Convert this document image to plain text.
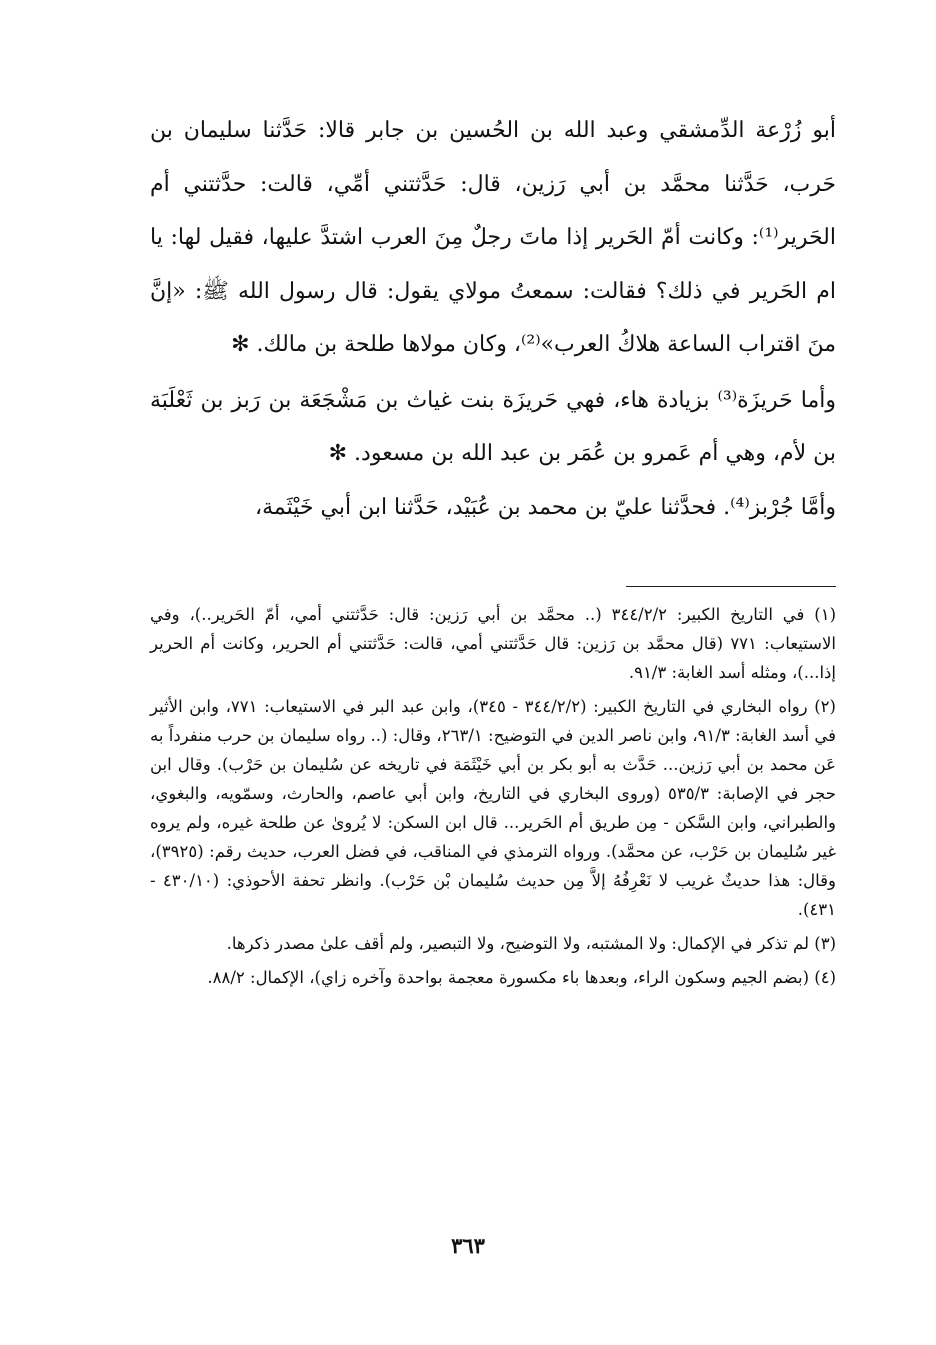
أبو زُرْعة الدِّمشقي وعبد الله بن الحُسين بن جابر قالا: حَدَّثنا سليمان بن حَرب، حَدَّثنا محمَّد بن أبي رَزين، قال: حَدَّثتني أمِّي، قالت: حدَّثتني أم الحَرير⁽¹⁾: وكانت أمّ الحَرير إذا ماتَ رجلٌ مِنَ العرب اشتدَّ عليها، فقيل لها: يا ام الحَرير في ذلك؟ فقالت: سمعتُ مولاي يقول: قال رسول الله ﷺ: «إنَّ منَ اقتراب الساعة هلاكُ العرب»⁽²⁾، وكان مولاها طلحة بن مالك. ✻

وأما حَريزَة⁽³⁾ بزيادة هاء، فهي حَريزَة بنت غياث بن مَشْجَعَة بن رَبز بن ثَعْلَبَة بن لأم، وهي أم عَمرو بن عُمَر بن عبد الله بن مسعود. ✻

وأمَّا جُرْبز⁽⁴⁾. فحدَّثنا عليّ بن محمد بن عُبَيْد، حَدَّثنا ابن أبي خَيْثَمة،

(١) في التاريخ الكبير: ٣٤٤/٢/٢ (.. محمَّد بن أبي رَزين: قال: حَدَّثتني أمي، أمّ الحَرير..)، وفي الاستيعاب: ٧٧١ (قال محمَّد بن رَزين: قال حَدَّثتني أمي، قالت: حَدَّثتني أم الحرير، وكانت أم الحرير إذا...)، ومثله أسد الغابة: ٩١/٣.

(٢) رواه البخاري في التاريخ الكبير: (٣٤٤/٢/٢ - ٣٤٥)، وابن عبد البر في الاستيعاب: ٧٧١، وابن الأثير في أسد الغابة: ٩١/٣، وابن ناصر الدين في التوضيح: ٢٦٣/١، وقال: (.. رواه سليمان بن حرب منفرداً به عَن محمد بن أبي رَزين... حَدَّث به أبو بكر بن أبي خَيْثَمَة في تاريخه عن سُليمان بن حَرْب). وقال ابن حجر في الإصابة: ٥٣٥/٣ (وروى البخاري في التاريخ، وابن أبي عاصم، والحارث، وسمّويه، والبغوي، والطبراني، وابن السَّكن - مِن طريق أم الحَرير... قال ابن السكن: لا يُروىٰ عن طلحة غيره، ولم يروه غير سُليمان بن حَرْب، عن محمَّد). ورواه الترمذي في المناقب، في فضل العرب، حديث رقم: (٣٩٢٥)، وقال: هذا حديثٌ غريب لا نَعْرِفُهُ إلاَّ مِن حديث سُليمان بْن حَرْب). وانظر تحفة الأحوذي: (٤٣٠/١٠ - ٤٣١).

(٣) لم تذكر في الإكمال: ولا المشتبه، ولا التوضيح، ولا التبصير، ولم أقف علىٰ مصدر ذكرها.

(٤) (بضم الجيم وسكون الراء، وبعدها باء مكسورة معجمة بواحدة وآخره زاي)، الإكمال: ٨٨/٢.

٣٦٣
